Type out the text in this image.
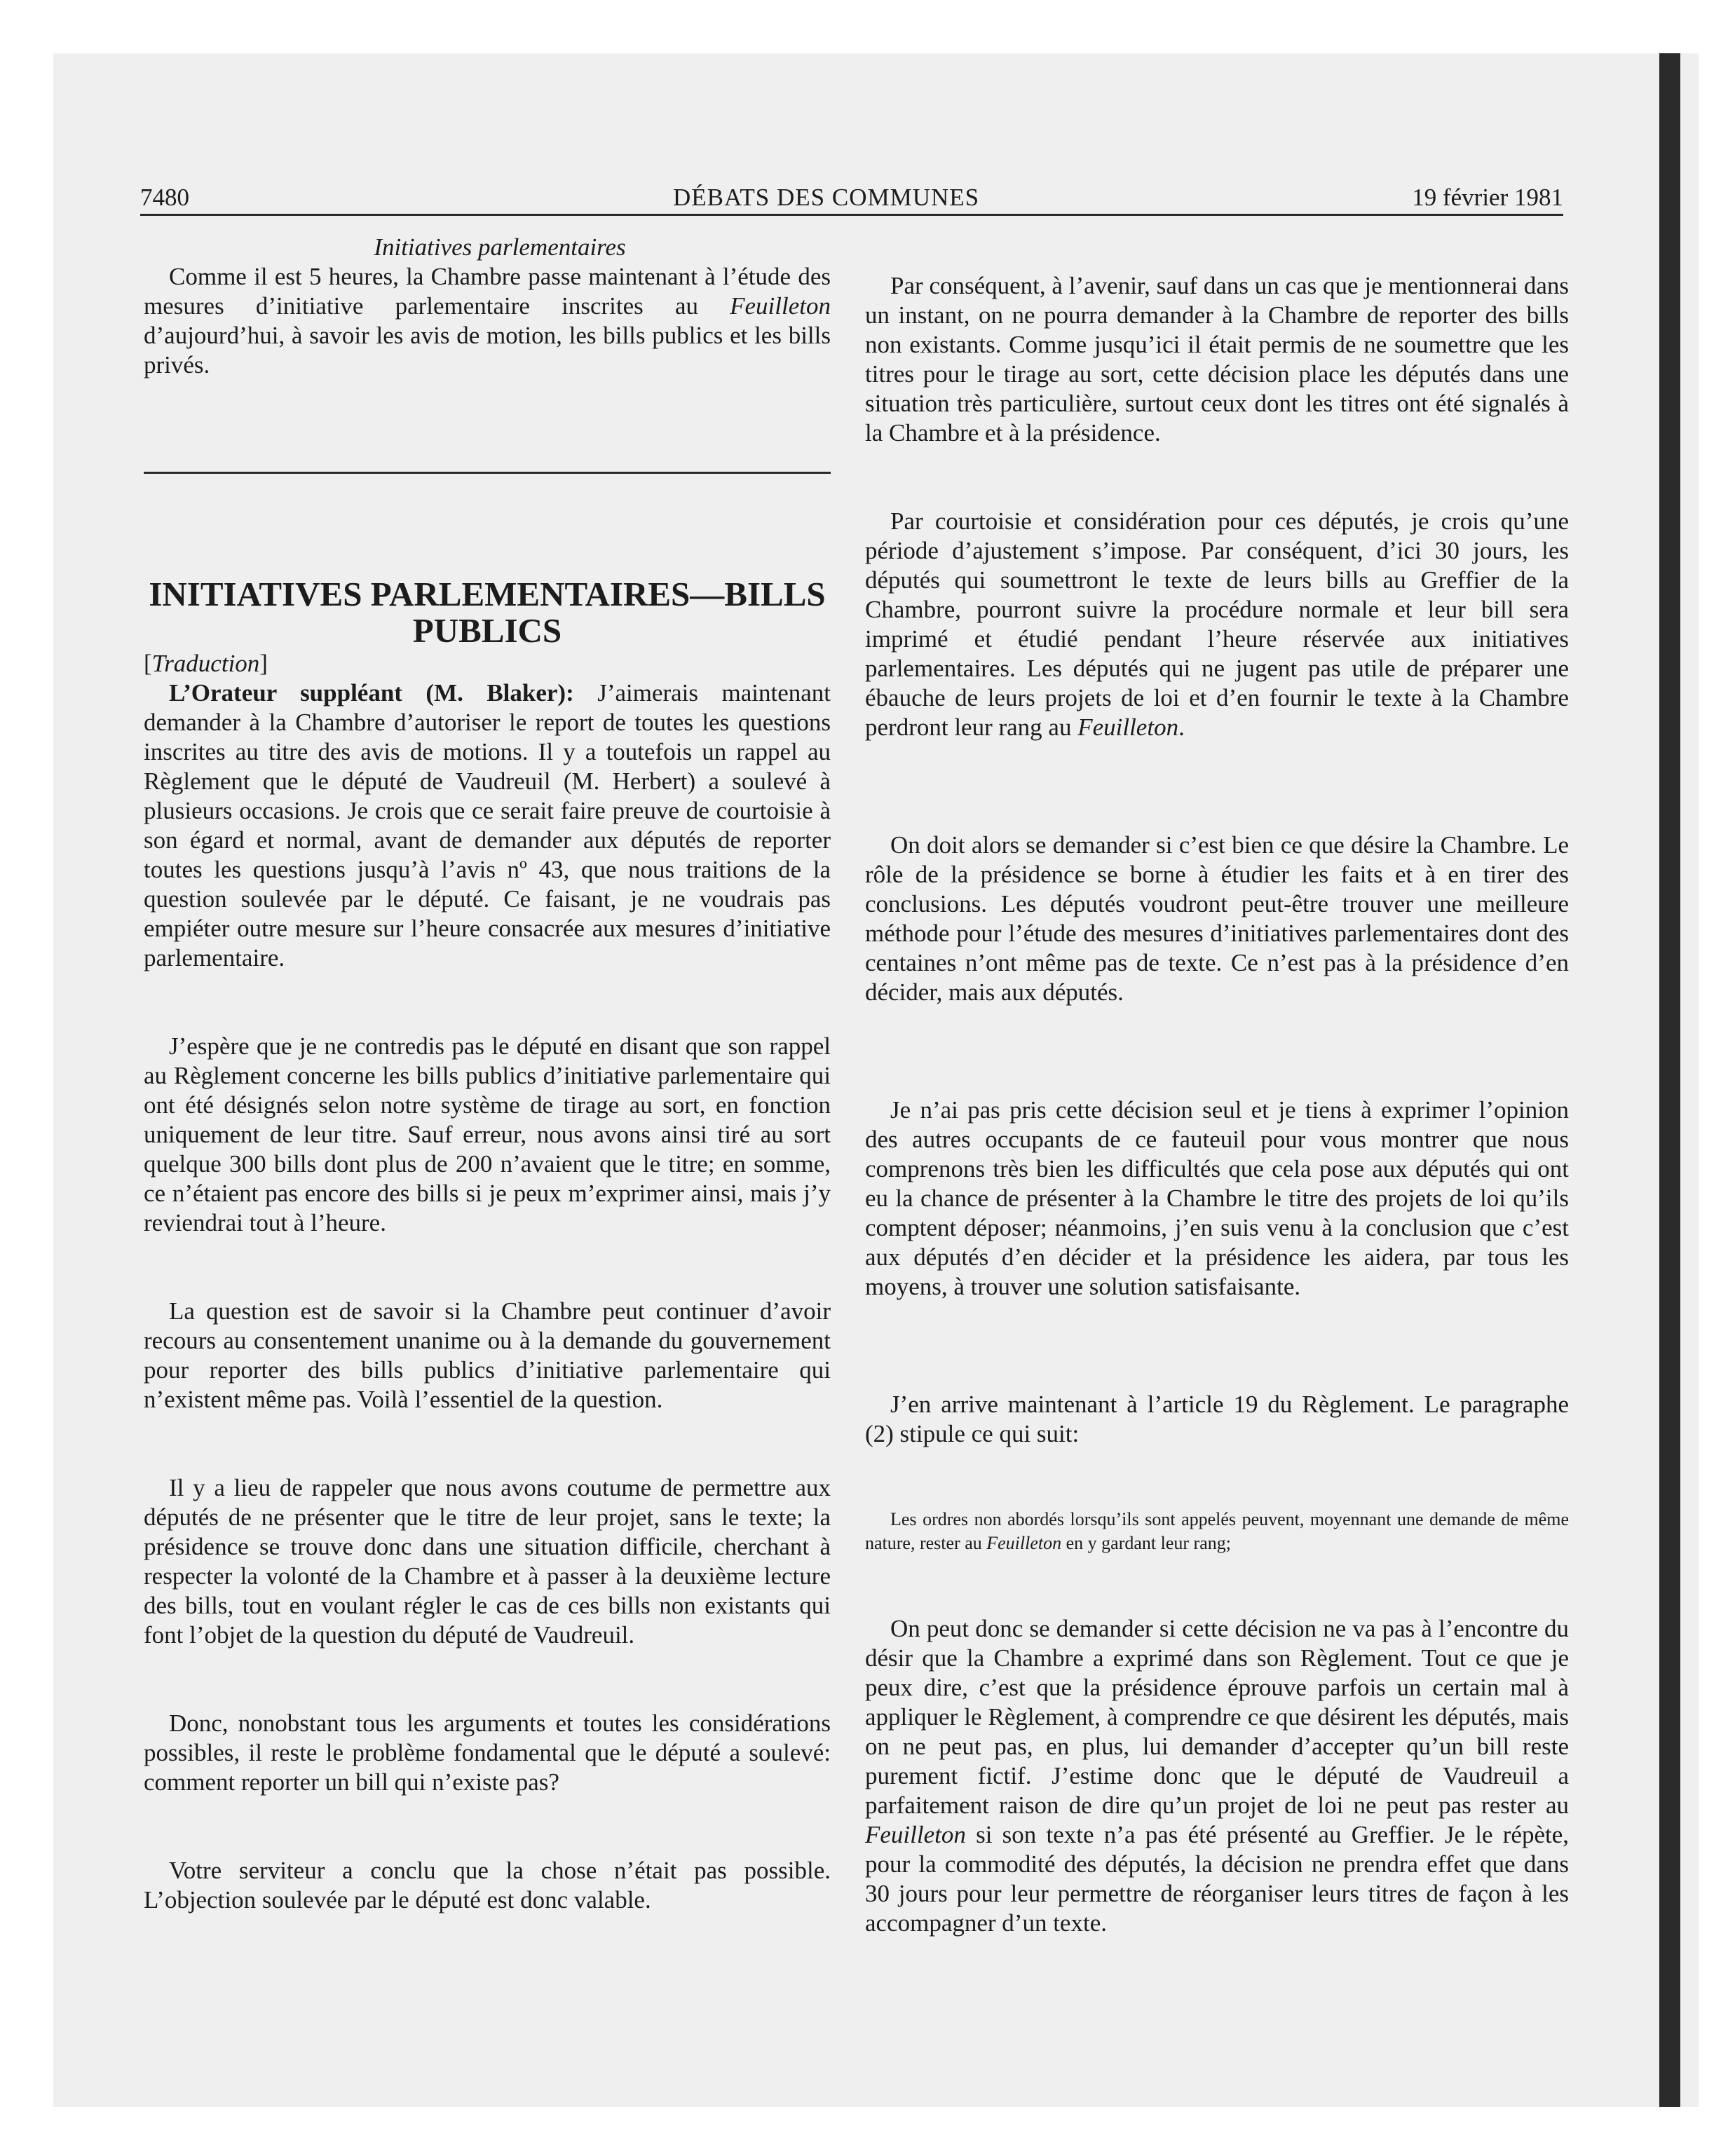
7480	DÉBATS DES COMMUNES	19 février 1981

Initiatives parlementaires

Comme il est 5 heures, la Chambre passe maintenant à l’étude des mesures d’initiative parlementaire inscrites au Feuilleton d’aujourd’hui, à savoir les avis de motion, les bills publics et les bills privés.

INITIATIVES PARLEMENTAIRES—BILLS PUBLICS

[Traduction]

L’Orateur suppléant (M. Blaker): J’aimerais maintenant demander à la Chambre d’autoriser le report de toutes les questions inscrites au titre des avis de motions. Il y a toutefois un rappel au Règlement que le député de Vaudreuil (M. Herbert) a soulevé à plusieurs occasions. Je crois que ce serait faire preuve de courtoisie à son égard et normal, avant de demander aux députés de reporter toutes les questions jusqu’à l’avis nº 43, que nous traitions de la question soulevée par le député. Ce faisant, je ne voudrais pas empiéter outre mesure sur l’heure consacrée aux mesures d’initiative parlementaire.

J’espère que je ne contredis pas le député en disant que son rappel au Règlement concerne les bills publics d’initiative parlementaire qui ont été désignés selon notre système de tirage au sort, en fonction uniquement de leur titre. Sauf erreur, nous avons ainsi tiré au sort quelque 300 bills dont plus de 200 n’avaient que le titre; en somme, ce n’étaient pas encore des bills si je peux m’exprimer ainsi, mais j’y reviendrai tout à l’heure.

La question est de savoir si la Chambre peut continuer d’avoir recours au consentement unanime ou à la demande du gouvernement pour reporter des bills publics d’initiative parlementaire qui n’existent même pas. Voilà l’essentiel de la question.

Il y a lieu de rappeler que nous avons coutume de permettre aux députés de ne présenter que le titre de leur projet, sans le texte; la présidence se trouve donc dans une situation difficile, cherchant à respecter la volonté de la Chambre et à passer à la deuxième lecture des bills, tout en voulant régler le cas de ces bills non existants qui font l’objet de la question du député de Vaudreuil.

Donc, nonobstant tous les arguments et toutes les considérations possibles, il reste le problème fondamental que le député a soulevé: comment reporter un bill qui n’existe pas?

Votre serviteur a conclu que la chose n’était pas possible. L’objection soulevée par le député est donc valable.

Par conséquent, à l’avenir, sauf dans un cas que je mentionnerai dans un instant, on ne pourra demander à la Chambre de reporter des bills non existants. Comme jusqu’ici il était permis de ne soumettre que les titres pour le tirage au sort, cette décision place les députés dans une situation très particulière, surtout ceux dont les titres ont été signalés à la Chambre et à la présidence.

Par courtoisie et considération pour ces députés, je crois qu’une période d’ajustement s’impose. Par conséquent, d’ici 30 jours, les députés qui soumettront le texte de leurs bills au Greffier de la Chambre, pourront suivre la procédure normale et leur bill sera imprimé et étudié pendant l’heure réservée aux initiatives parlementaires. Les députés qui ne jugent pas utile de préparer une ébauche de leurs projets de loi et d’en fournir le texte à la Chambre perdront leur rang au Feuilleton.

On doit alors se demander si c’est bien ce que désire la Chambre. Le rôle de la présidence se borne à étudier les faits et à en tirer des conclusions. Les députés voudront peut-être trouver une meilleure méthode pour l’étude des mesures d’initiatives parlementaires dont des centaines n’ont même pas de texte. Ce n’est pas à la présidence d’en décider, mais aux députés.

Je n’ai pas pris cette décision seul et je tiens à exprimer l’opinion des autres occupants de ce fauteuil pour vous montrer que nous comprenons très bien les difficultés que cela pose aux députés qui ont eu la chance de présenter à la Chambre le titre des projets de loi qu’ils comptent déposer; néanmoins, j’en suis venu à la conclusion que c’est aux députés d’en décider et la présidence les aidera, par tous les moyens, à trouver une solution satisfaisante.

J’en arrive maintenant à l’article 19 du Règlement. Le paragraphe (2) stipule ce qui suit:

Les ordres non abordés lorsqu’ils sont appelés peuvent, moyennant une demande de même nature, rester au Feuilleton en y gardant leur rang;

On peut donc se demander si cette décision ne va pas à l’encontre du désir que la Chambre a exprimé dans son Règlement. Tout ce que je peux dire, c’est que la présidence éprouve parfois un certain mal à appliquer le Règlement, à comprendre ce que désirent les députés, mais on ne peut pas, en plus, lui demander d’accepter qu’un bill reste purement fictif. J’estime donc que le député de Vaudreuil a parfaitement raison de dire qu’un projet de loi ne peut pas rester au Feuilleton si son texte n’a pas été présenté au Greffier. Je le répète, pour la commodité des députés, la décision ne prendra effet que dans 30 jours pour leur permettre de réorganiser leurs titres de façon à les accompagner d’un texte.
